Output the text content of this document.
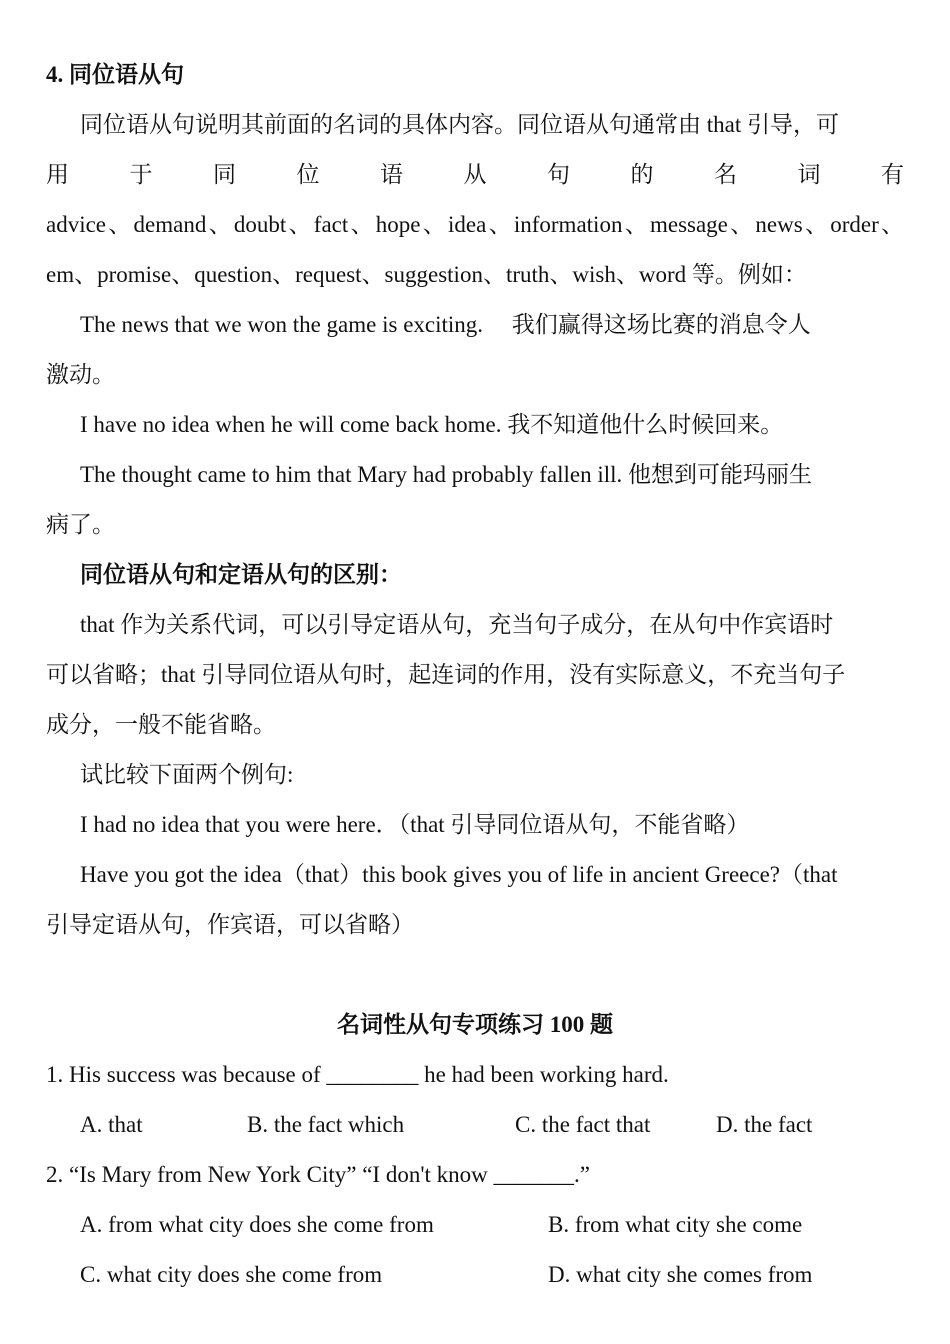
4. 同位语从句
同位语从句说明其前面的名词的具体内容。同位语从句通常由 that 引导，可
用	于	同	位	语	从	句	的	名	词	有
advice、demand、doubt、fact、hope、idea、information、message、news、order、
em、promise、question、request、suggestion、truth、wish、word 等。例如：
The news that we won the game is exciting.　 我们赢得这场比赛的消息令人
激动。
I have no idea when he will come back home. 我不知道他什么时候回来。
The thought came to him that Mary had probably fallen ill. 他想到可能玛丽生
病了。
同位语从句和定语从句的区别：
that 作为关系代词，可以引导定语从句，充当句子成分，在从句中作宾语时
可以省略；that 引导同位语从句时，起连词的作用，没有实际意义，不充当句子
成分，一般不能省略。
试比较下面两个例句:
I had no idea that you were here．（that 引导同位语从句，不能省略）
Have you got the idea（that）this book gives you of life in ancient Greece?（that
引导定语从句，作宾语，可以省略）
名词性从句专项练习 100 题
1. His success was because of ________ he had been working hard.
A. that	B. the fact which	C. the fact that	D. the fact
2. “Is Mary from New York City” “I don't know _______.”
A. from what city does she come from	B. from what city she come
C. what city does she come from	D. what city she comes from
